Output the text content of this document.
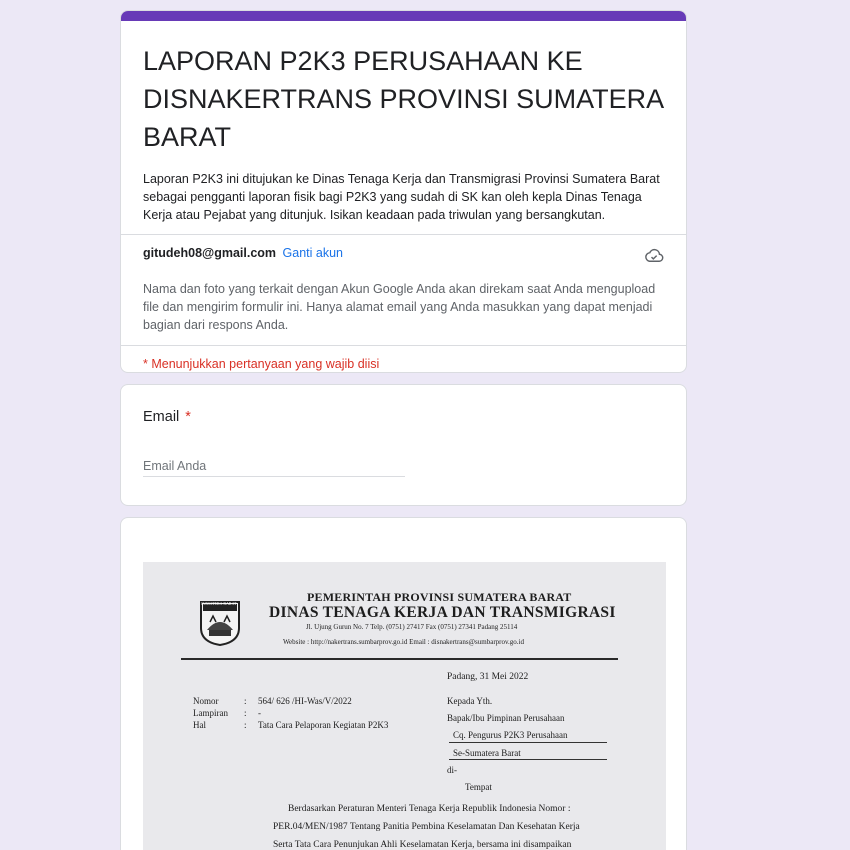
LAPORAN P2K3 PERUSAHAAN KE DISNAKERTRANS PROVINSI SUMATERA BARAT

Laporan P2K3 ini ditujukan ke Dinas Tenaga Kerja dan Transmigrasi Provinsi Sumatera Barat sebagai pengganti laporan fisik bagi P2K3 yang sudah di SK kan oleh kepla Dinas Tenaga Kerja atau Pejabat yang ditunjuk. Isikan keadaan pada triwulan yang bersangkutan.

gitudeh08@gmail.com Ganti akun

Nama dan foto yang terkait dengan Akun Google Anda akan direkam saat Anda mengupload file dan mengirim formulir ini. Hanya alamat email yang Anda masukkan yang dapat menjadi bagian dari respons Anda.

* Menunjukkan pertanyaan yang wajib diisi

Email *
Email Anda
SUMATERA BARAT	PEMERINTAH PROVINSI SUMATERA BARAT
DINAS TENAGA KERJA DAN TRANSMIGRASI
Jl. Ujung Gurun No. 7 Telp. (0751) 27417 Fax (0751) 27341 Padang 25114
Website : http://nakertrans.sumbarprov.go.id Email : disnakertrans@sumbarprov.go.id
Padang, 31 Mei 2022
Nomor	: 564/ 626 /HI-Was/V/2022
Lampiran : -
Hal	: Tata Cara Pelaporan Kegiatan P2K3
Kepada Yth.
Bapak/Ibu Pimpinan Perusahaan
Cq. Pengurus P2K3 Perusahaan
Se-Sumatera Barat
di-
Tempat
Berdasarkan Peraturan Menteri Tenaga Kerja Republik Indonesia Nomor :
PER.04/MEN/1987 Tentang Panitia Pembina Keselamatan Dan Kesehatan Kerja
Serta Tata Cara Penunjukan Ahli Keselamatan Kerja, bersama ini disampaikan
